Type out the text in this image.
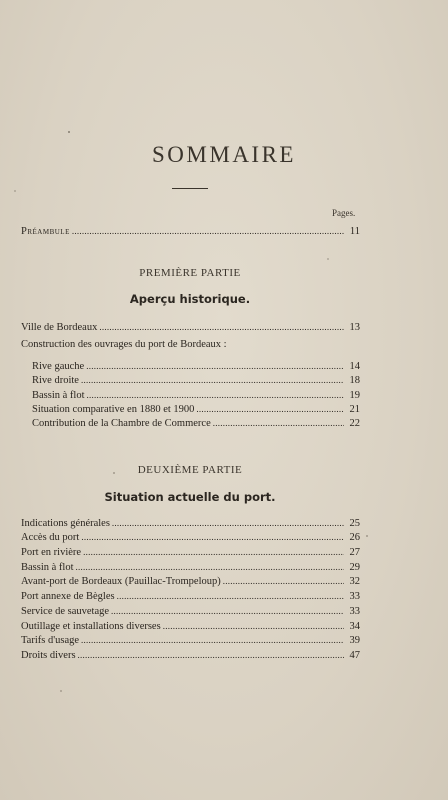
SOMMAIRE
Pages.
Préambule . . .	11
PREMIÈRE PARTIE
Aperçu historique.
Ville de Bordeaux . . .	13
Construction des ouvrages du port de Bordeaux :
Rive gauche . . .	14
Rive droite . . .	18
Bassin à flot . . .	19
Situation comparative en 1880 et 1900 . . .	21
Contribution de la Chambre de Commerce . . .	22
DEUXIÈME PARTIE
Situation actuelle du port.
Indications générales . . .	25
Accès du port . . .	26
Port en rivière . . .	27
Bassin à flot . . .	29
Avant-port de Bordeaux (Pauillac-Trompeloup) . . .	32
Port annexe de Bègles . . .	33
Service de sauvetage . . .	33
Outillage et installations diverses . . .	34
Tarifs d'usage . . .	39
Droits divers . . .	47
